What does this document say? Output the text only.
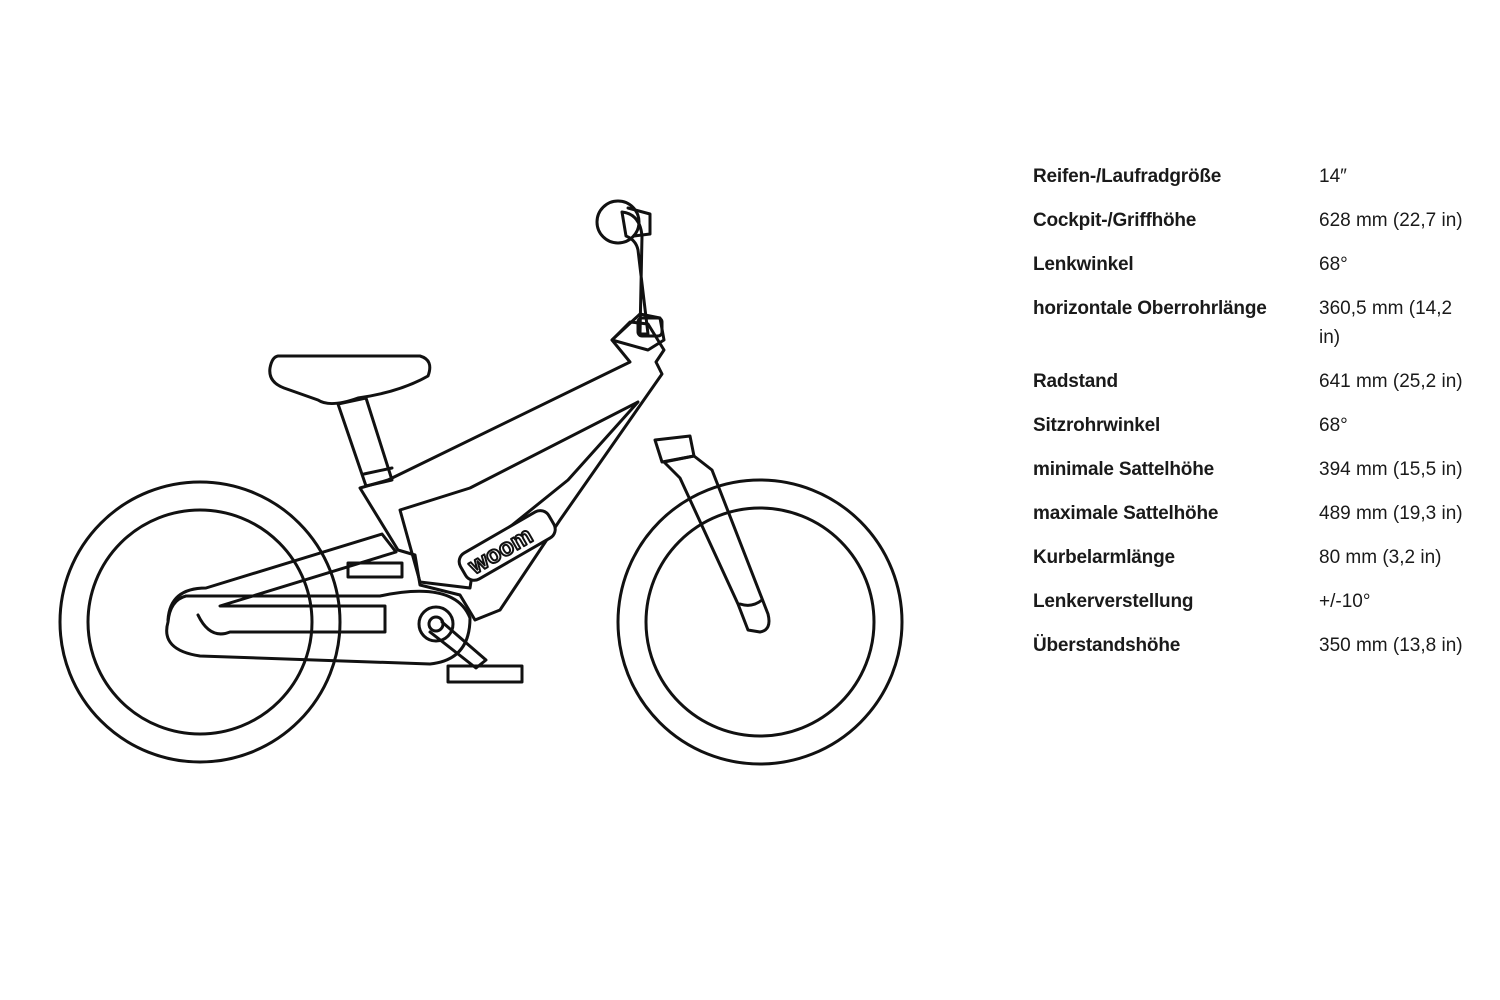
woom
Reifen-/Laufradgröße	14″
Cockpit-/Griffhöhe	628 mm (22,7 in)
Lenkwinkel	68°
horizontale Oberrohrlänge	360,5 mm (14,2 in)
Radstand	641 mm (25,2 in)
Sitzrohrwinkel	68°
minimale Sattelhöhe	394 mm (15,5 in)
maximale Sattelhöhe	489 mm (19,3 in)
Kurbelarmlänge	80 mm (3,2 in)
Lenkerverstellung	+/-10°
Überstandshöhe	350 mm (13,8 in)
